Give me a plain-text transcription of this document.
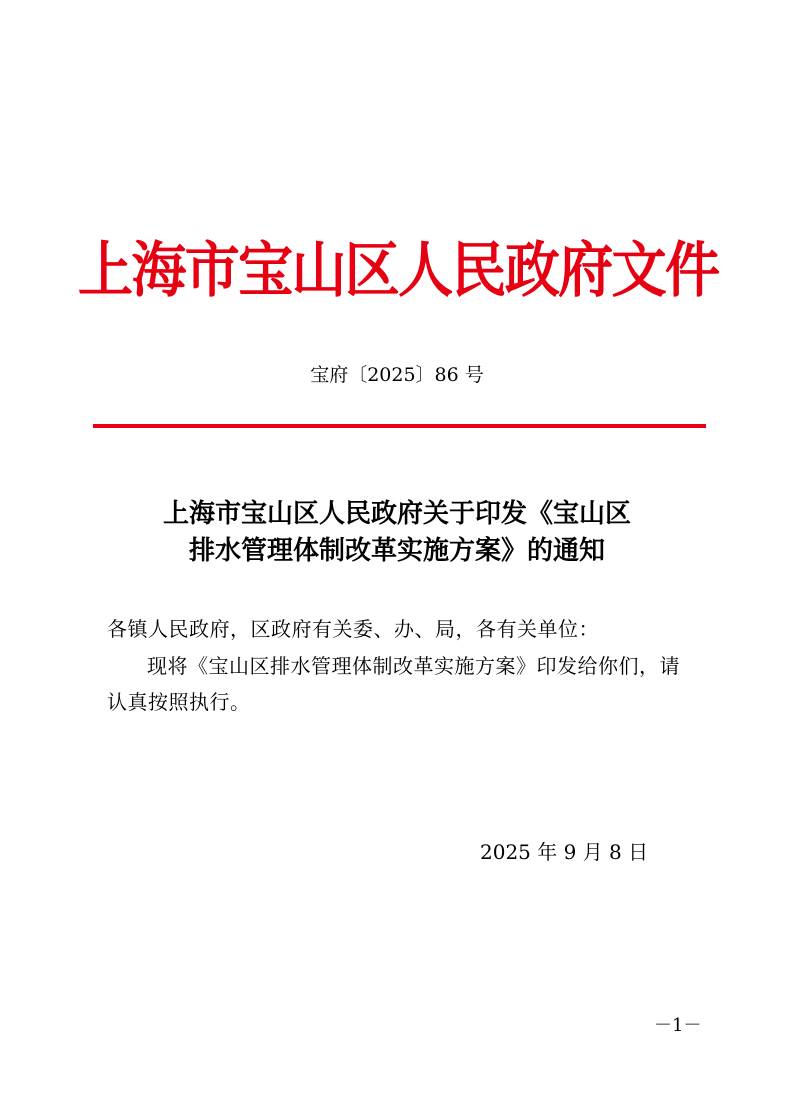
上海市宝山区人民政府文件
宝府〔2025〕86 号
上海市宝山区人民政府关于印发《宝山区
排水管理体制改革实施方案》的通知
各镇人民政府，区政府有关委、办、局，各有关单位：
现将《宝山区排水管理体制改革实施方案》印发给你们，请认真按照执行。
2025 年 9 月 8 日
－1－
